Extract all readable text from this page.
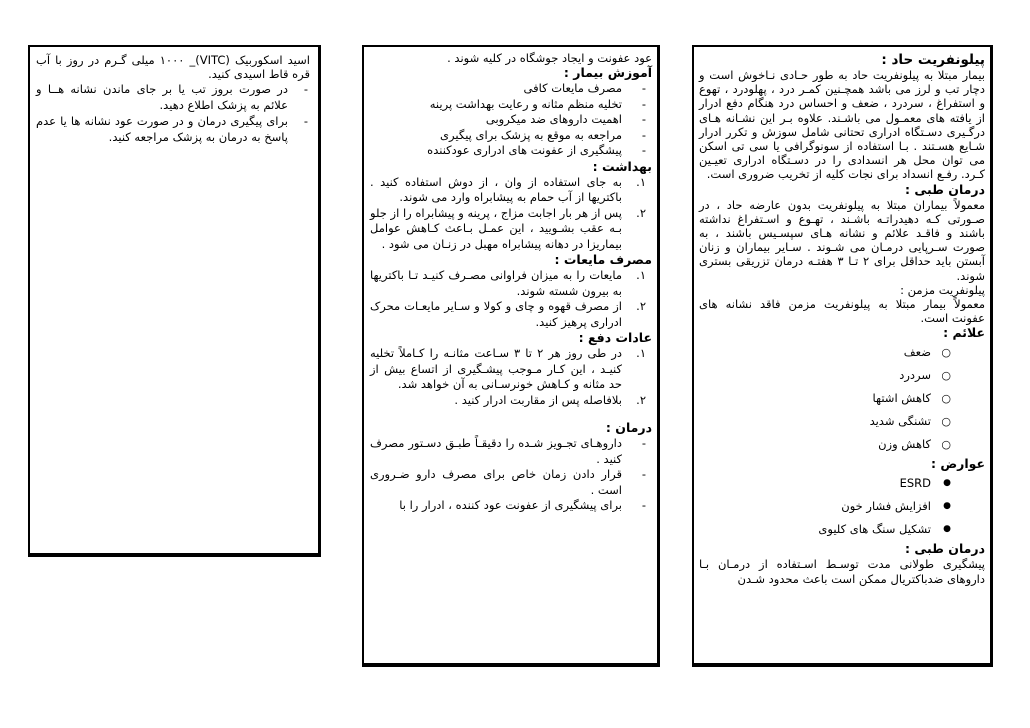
اسید اسکوربیک (VITC)_ ۱۰۰۰ میلی گـرم در روز با آب قره قاط اسیدی کنید.

- در صورت بروز تب یا بر جای ماندن نشانه هــا و علائم به پزشک اطلاع دهید.
- برای پیگیری درمان و در صورت عود نشانه ها یا عدم پاسخ به درمان به پزشک مراجعه کنید.

عود عفونت و ایجاد جوشگاه در کلیه شوند .

آموزش بیمار :

- مصرف مایعات کافی
- تخلیه منظم مثانه و رعایت بهداشت پرینه
- اهمیت داروهای ضد میکروبی
- مراجعه به موقع به پزشک برای پیگیری
- پیشگیری از عفونت های ادراری عودکننده

بهداشت :

۱.
به جای استفاده از وان ، از دوش استفاده کنید . باکتریها از آب حمام به پیشابراه وارد می شوند.
۲.
پس از هر بار اجابت مزاج ، پرینه و پیشابراه را از جلو بـه عقب بشـویید ، این عمـل بـاعث کـاهش عوامل بیماریزا در دهانه پیشابراه مهبل در زنـان می شود .

مصرف مایعات :

۱.
مایعات را به میزان فراوانی مصـرف کنیـد تـا باکتریها به بیرون شسته شوند.
۲.
از مصرف قهوه و چای و کولا و سـایر مایعـات محرک ادراری پرهیز کنید.

عادات دفع :

۱.
در طی روز هر ۲ تا ۳ سـاعت مثانـه را کـاملاً تخلیه کنیـد ، این کـار مـوجب پیشـگیری از اتساع بیش از حد مثانه و کـاهش خونرسـانی به آن خواهد شد.
۲.
بلافاصله پس از مقاربت ادرار کنید .

درمان :

- داروهـای تجـویز شـده را دقیقـاً طبـق دسـتور مصرف کنید .
- قرار دادن زمان خاص برای مصرف دارو ضـروری است .
- برای پیشگیری از عفونت عود کننده ، ادرار را با

پیلونفریت حاد :

بیمار مبتلا به پیلونفریت حاد به طور حـادی نـاخوش است و دچار تب و لرز می باشد همچـنین کمـر درد ، پهلودرد ، تهوع و استفراغ ، سردرد ، ضعف و احساس درد هنگام دفع ادرار از یافته های معمـول می باشـند. علاوه بـر این نشـانه هـای درگـیری دسـتگاه ادراری تحتانی شامل سوزش و تکرر ادرار شـایع هسـتند . بـا استفاده از سونوگرافی یا سی تی اسکن می توان محل هر انسدادی را در دسـتگاه ادراری تعیـین کـرد. رفـع انسداد برای نجات کلیه از تخریب ضروری است.

درمان طبی :

معمولاً بیماران مبتلا به پیلونفریت بدون عارضه حاد ، در صـورتی کـه دهیدراتـه باشـند ، تهـوع و اسـتفراغ نداشته باشند و فاقـد علائم و نشانه هـای سپسـیس باشند ، به صورت سـرپایی درمـان می شـوند . سـایر بیماران و زنان آبستن باید حداقل برای ۲ تـا ۳ هفتـه درمان تزریقی بستری شوند.

پیلونفریت مزمن :

معمولاً بیمار مبتلا به پیلونفریت مزمن فاقد نشانه های عفونت است.

علائم :

○ ضعف
○ سردرد
○ کاهش اشتها
○ تشنگی شدید
○ کاهش وزن

عوارض :

● ESRD
● افزایش فشار خون
● تشکیل سنگ های کلیوی

درمان طبی :

پیشگیری طولانی مدت توسـط اسـتفاده از درمـان بـا داروهای ضدباکتریال ممکن است باعث محدود شـدن
